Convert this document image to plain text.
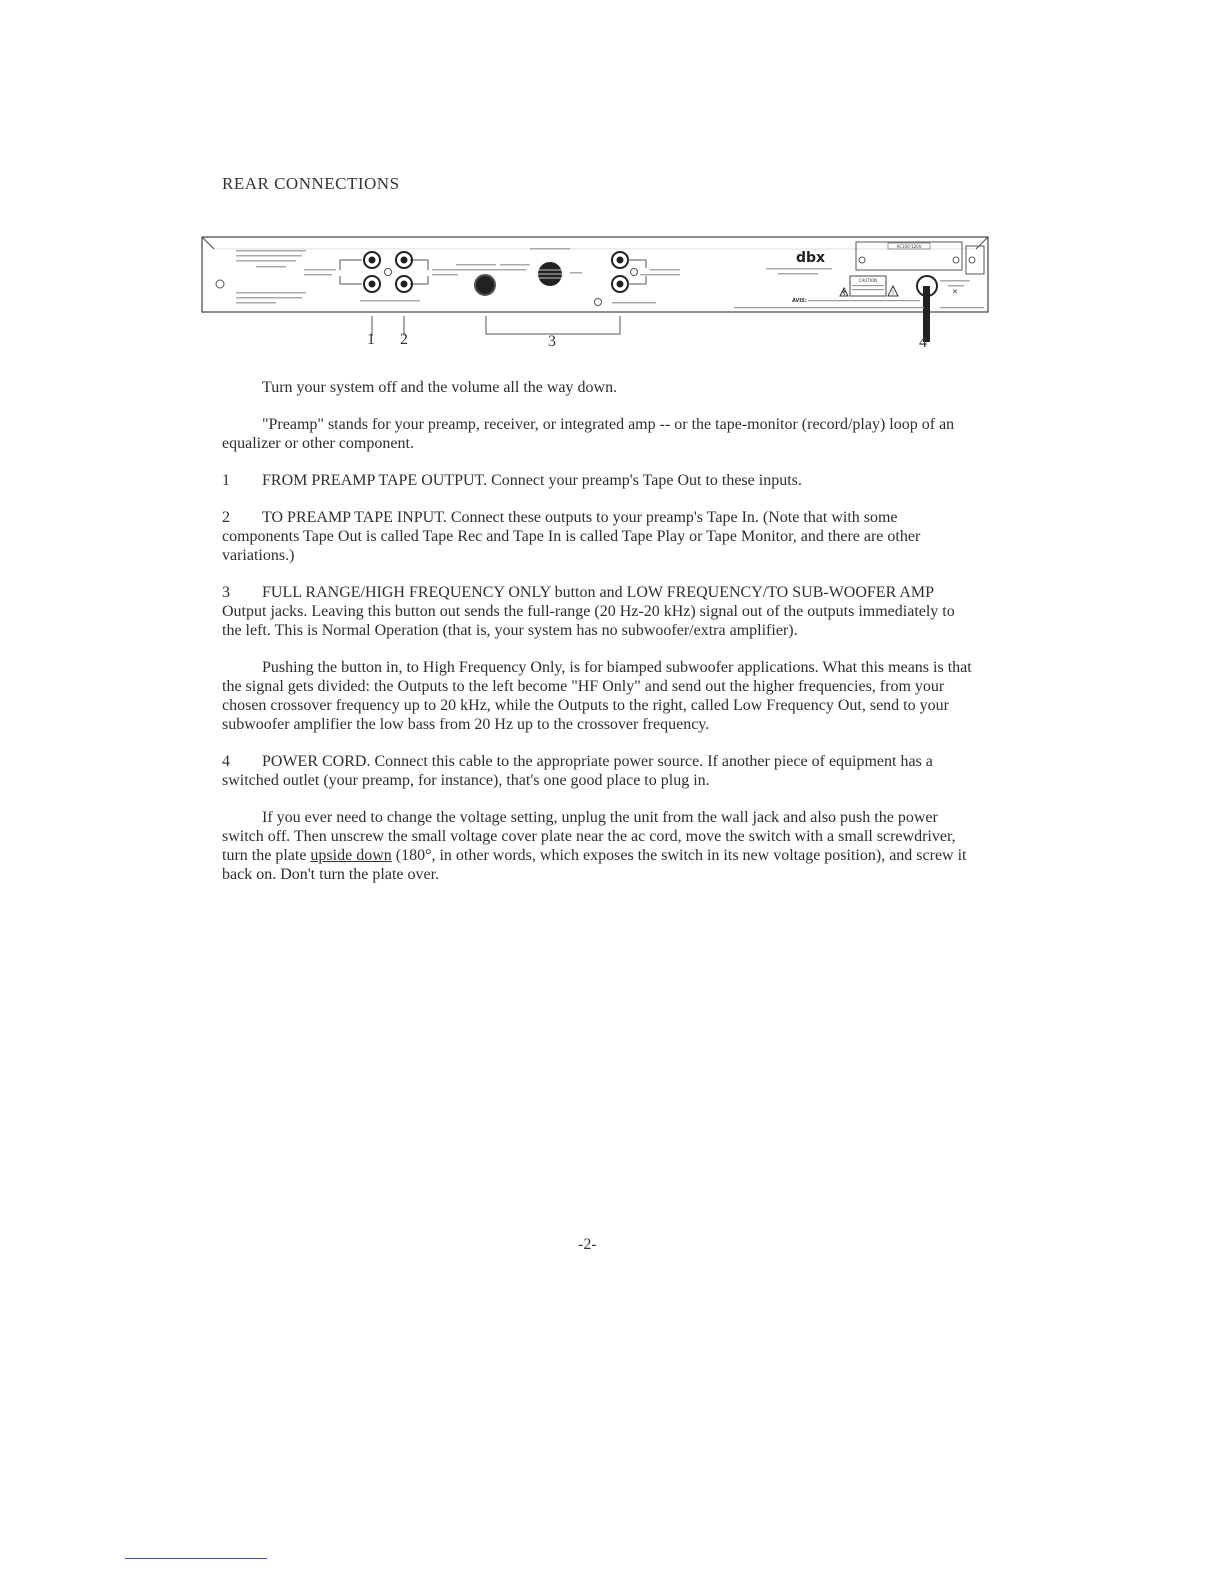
REAR CONNECTIONS
dbx
AC100-120V
CAUTION
!	✕
AVIS:
1 2	3	4

Turn your system off and the volume all the way down.

"Preamp" stands for your preamp, receiver, or integrated amp -- or the tape-monitor (record/play) loop of an equalizer or other component.

1 FROM PREAMP TAPE OUTPUT. Connect your preamp's Tape Out to these inputs.

2 TO PREAMP TAPE INPUT. Connect these outputs to your preamp's Tape In. (Note that with some components Tape Out is called Tape Rec and Tape In is called Tape Play or Tape Monitor, and there are other variations.)

3 FULL RANGE/HIGH FREQUENCY ONLY button and LOW FREQUENCY/TO SUB-WOOFER AMP Output jacks. Leaving this button out sends the full-range (20 Hz-20 kHz) signal out of the outputs immediately to the left. This is Normal Operation (that is, your system has no subwoofer/extra amplifier).

Pushing the button in, to High Frequency Only, is for biamped subwoofer applications. What this means is that the signal gets divided: the Outputs to the left become "HF Only" and send out the higher frequencies, from your chosen crossover frequency up to 20 kHz, while the Outputs to the right, called Low Frequency Out, send to your subwoofer amplifier the low bass from 20 Hz up to the crossover frequency.

4 POWER CORD. Connect this cable to the appropriate power source. If another piece of equipment has a switched outlet (your preamp, for instance), that's one good place to plug in.

If you ever need to change the voltage setting, unplug the unit from the wall jack and also push the power switch off. Then unscrew the small voltage cover plate near the ac cord, move the switch with a small screwdriver, turn the plate upside down (180°, in other words, which exposes the switch in its new voltage position), and screw it back on. Don't turn the plate over.

-2-
